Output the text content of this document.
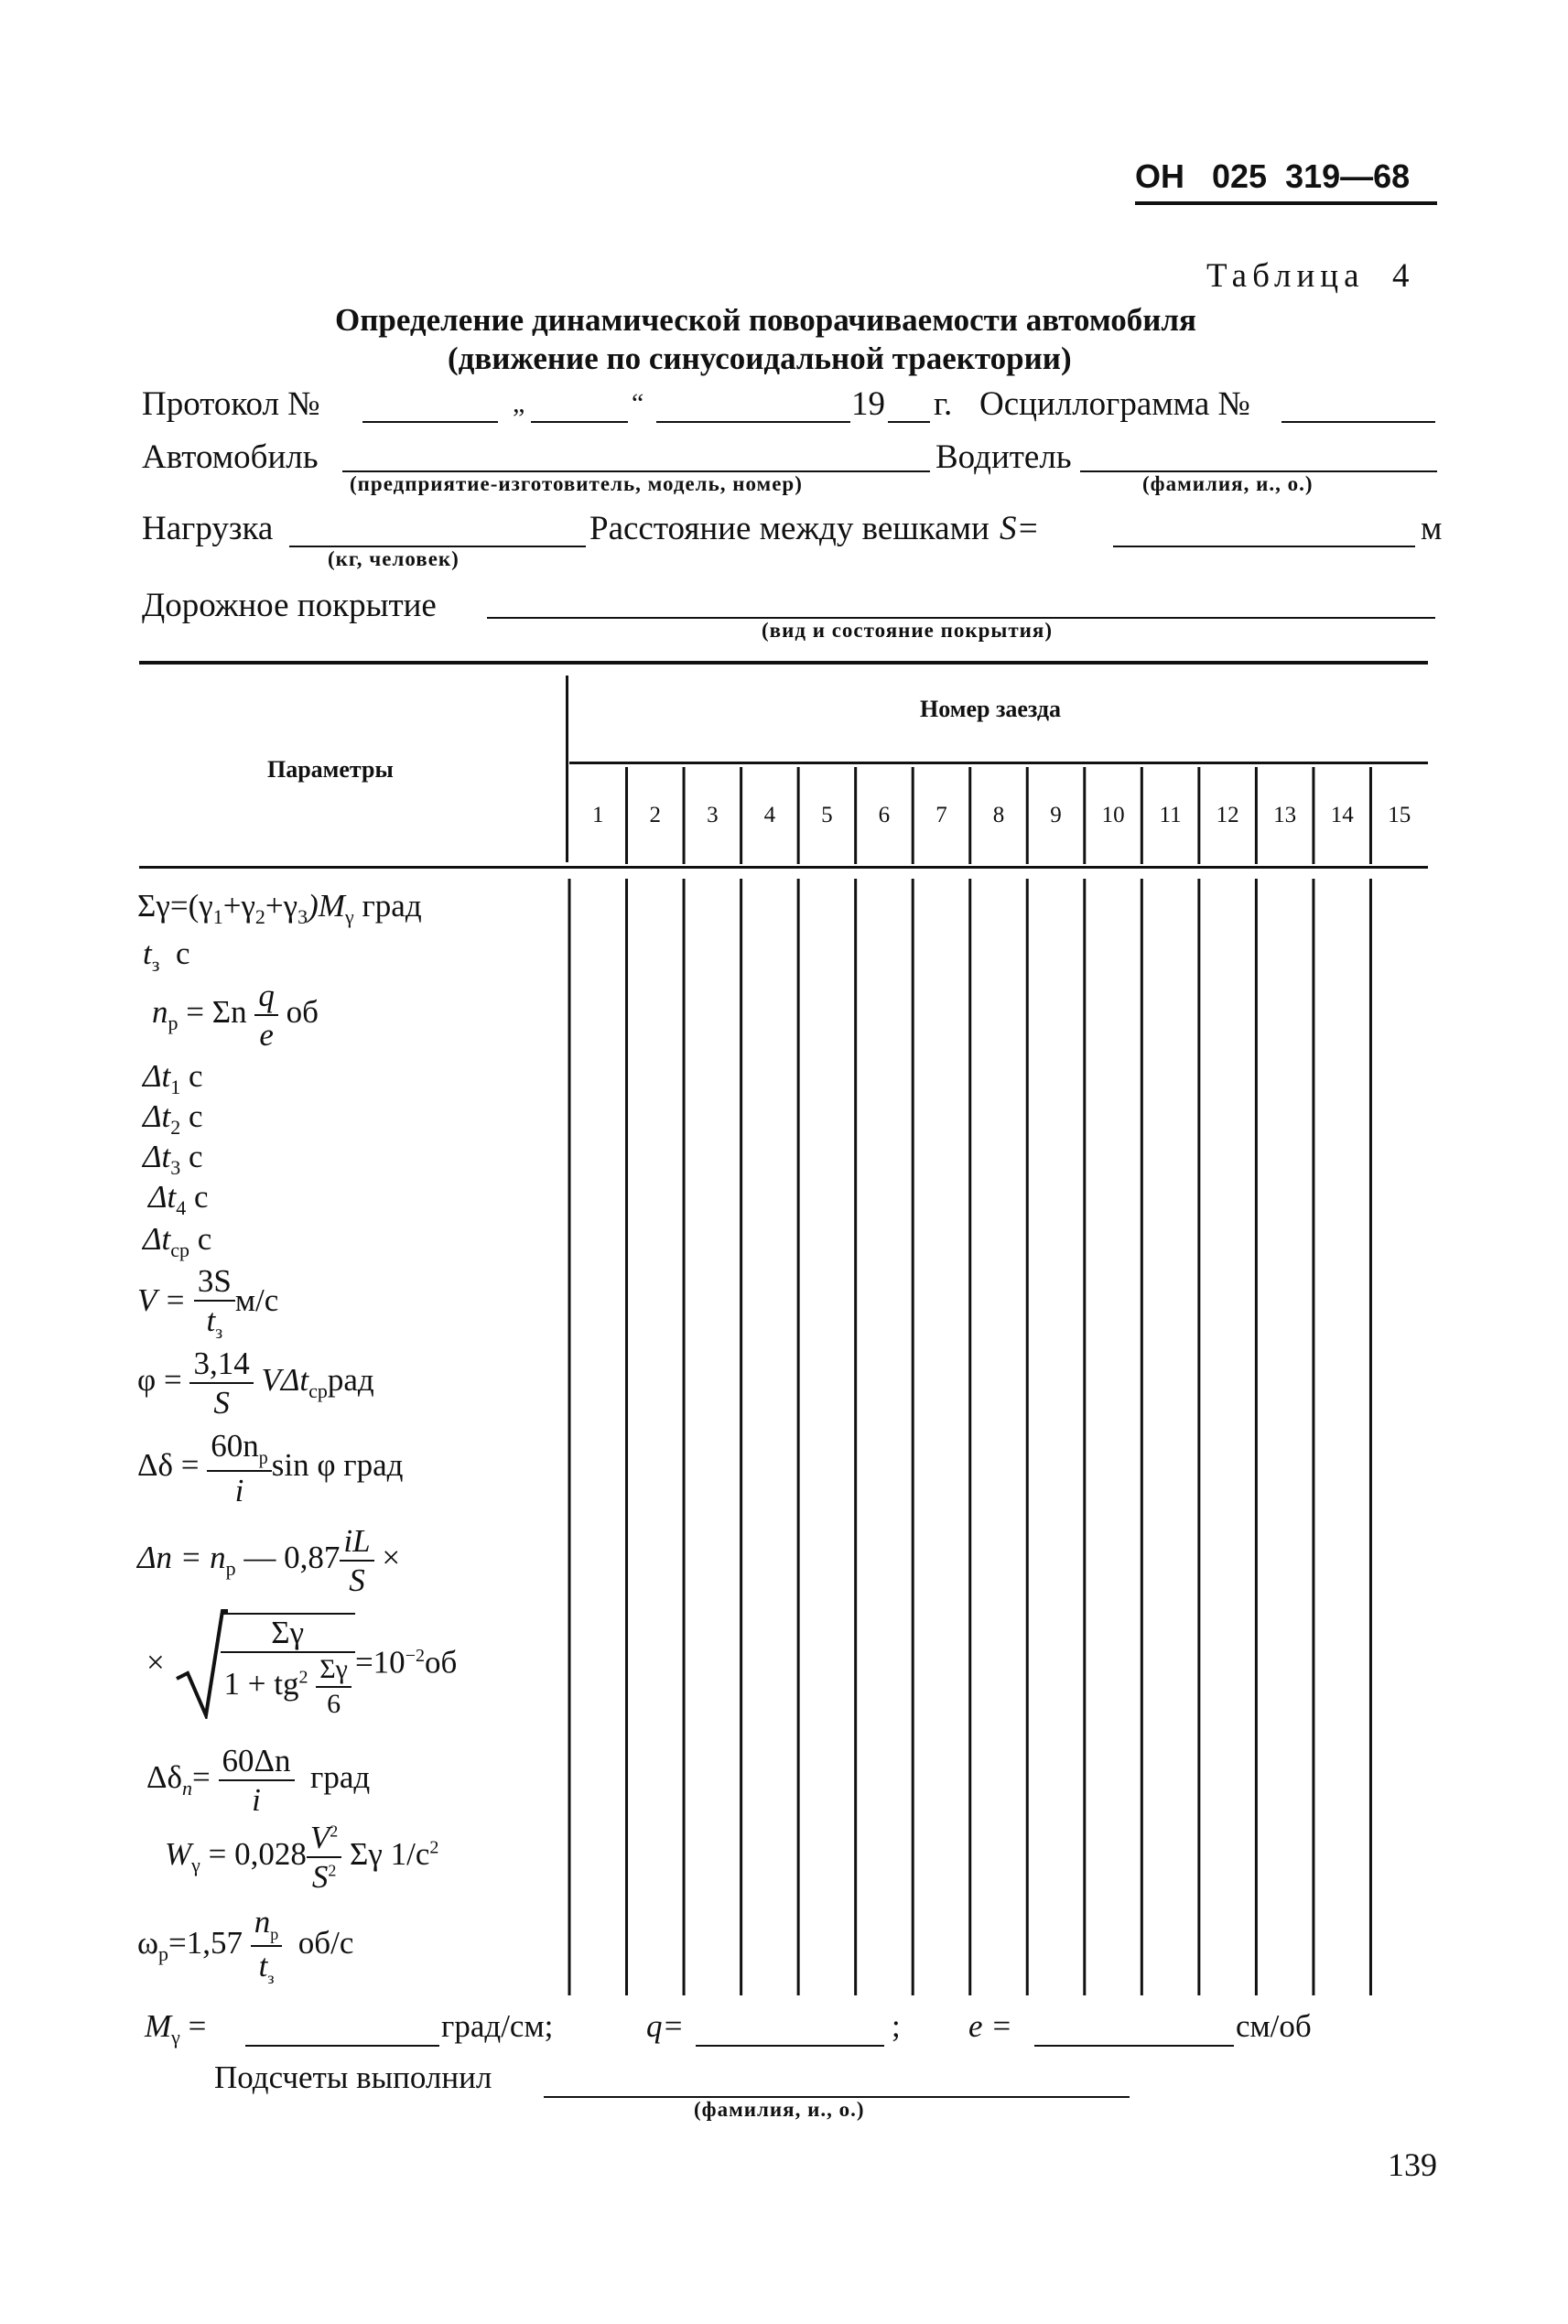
ОН   025  319—68
Таблица  4
Определение динамической поворачиваемости автомобиля
(движение по синусоидальной траектории)
Протокол №	„	“	19 г. Осциллограмма №
Автомобиль
(предприятие-изготовитель, модель, номер)
Водитель
(фамилия, и., о.)
Нагрузка
(кг, человек)
Расстояние между вешками S=	м
Дорожное покрытие
(вид и состояние покрытия)
Параметры
Номер заезда
1 2 3 4 5 6 7 8 9 10 11 12 13 14 15
$\Sigma\gamma=(\gamma_1+\gamma_2+\gamma_3)M_\gamma$ град
$t_з$ с
$n_р = \Sigma n \frac{q}{e}$ об
$\Delta t_1$ с
$\Delta t_2$ с
$\Delta t_3$ с
$\Delta t_4$ с
$\Delta t_{ср}$ с
$V = \frac{3S}{t_з} м/с$
$\varphi = \frac{3,14}{S} V\Delta t_{ср}рад$
$\Delta\delta = \frac{60n_р}{i}$ sin φ град
$\Delta n = n_р$ — $0,87 \frac{iL}{S}$ ×
× $\frac{\Sigma\gamma}{1 + tg^2 \frac{\Sigma\gamma}{6}} =10^{-2}об$
$\Delta\delta_n= \frac{60\Delta n}{i}$ град
$W_\gamma = 0,028 \frac{V^2}{S^2}$ Σγ $1/с^2$
$\omega_р=1,57 \frac{n_р}{t_з} об/с$
$M_\gamma$ =	град/см;	q=	; e =	см/об
Подсчеты выполнил
(фамилия, и., о.)
139
